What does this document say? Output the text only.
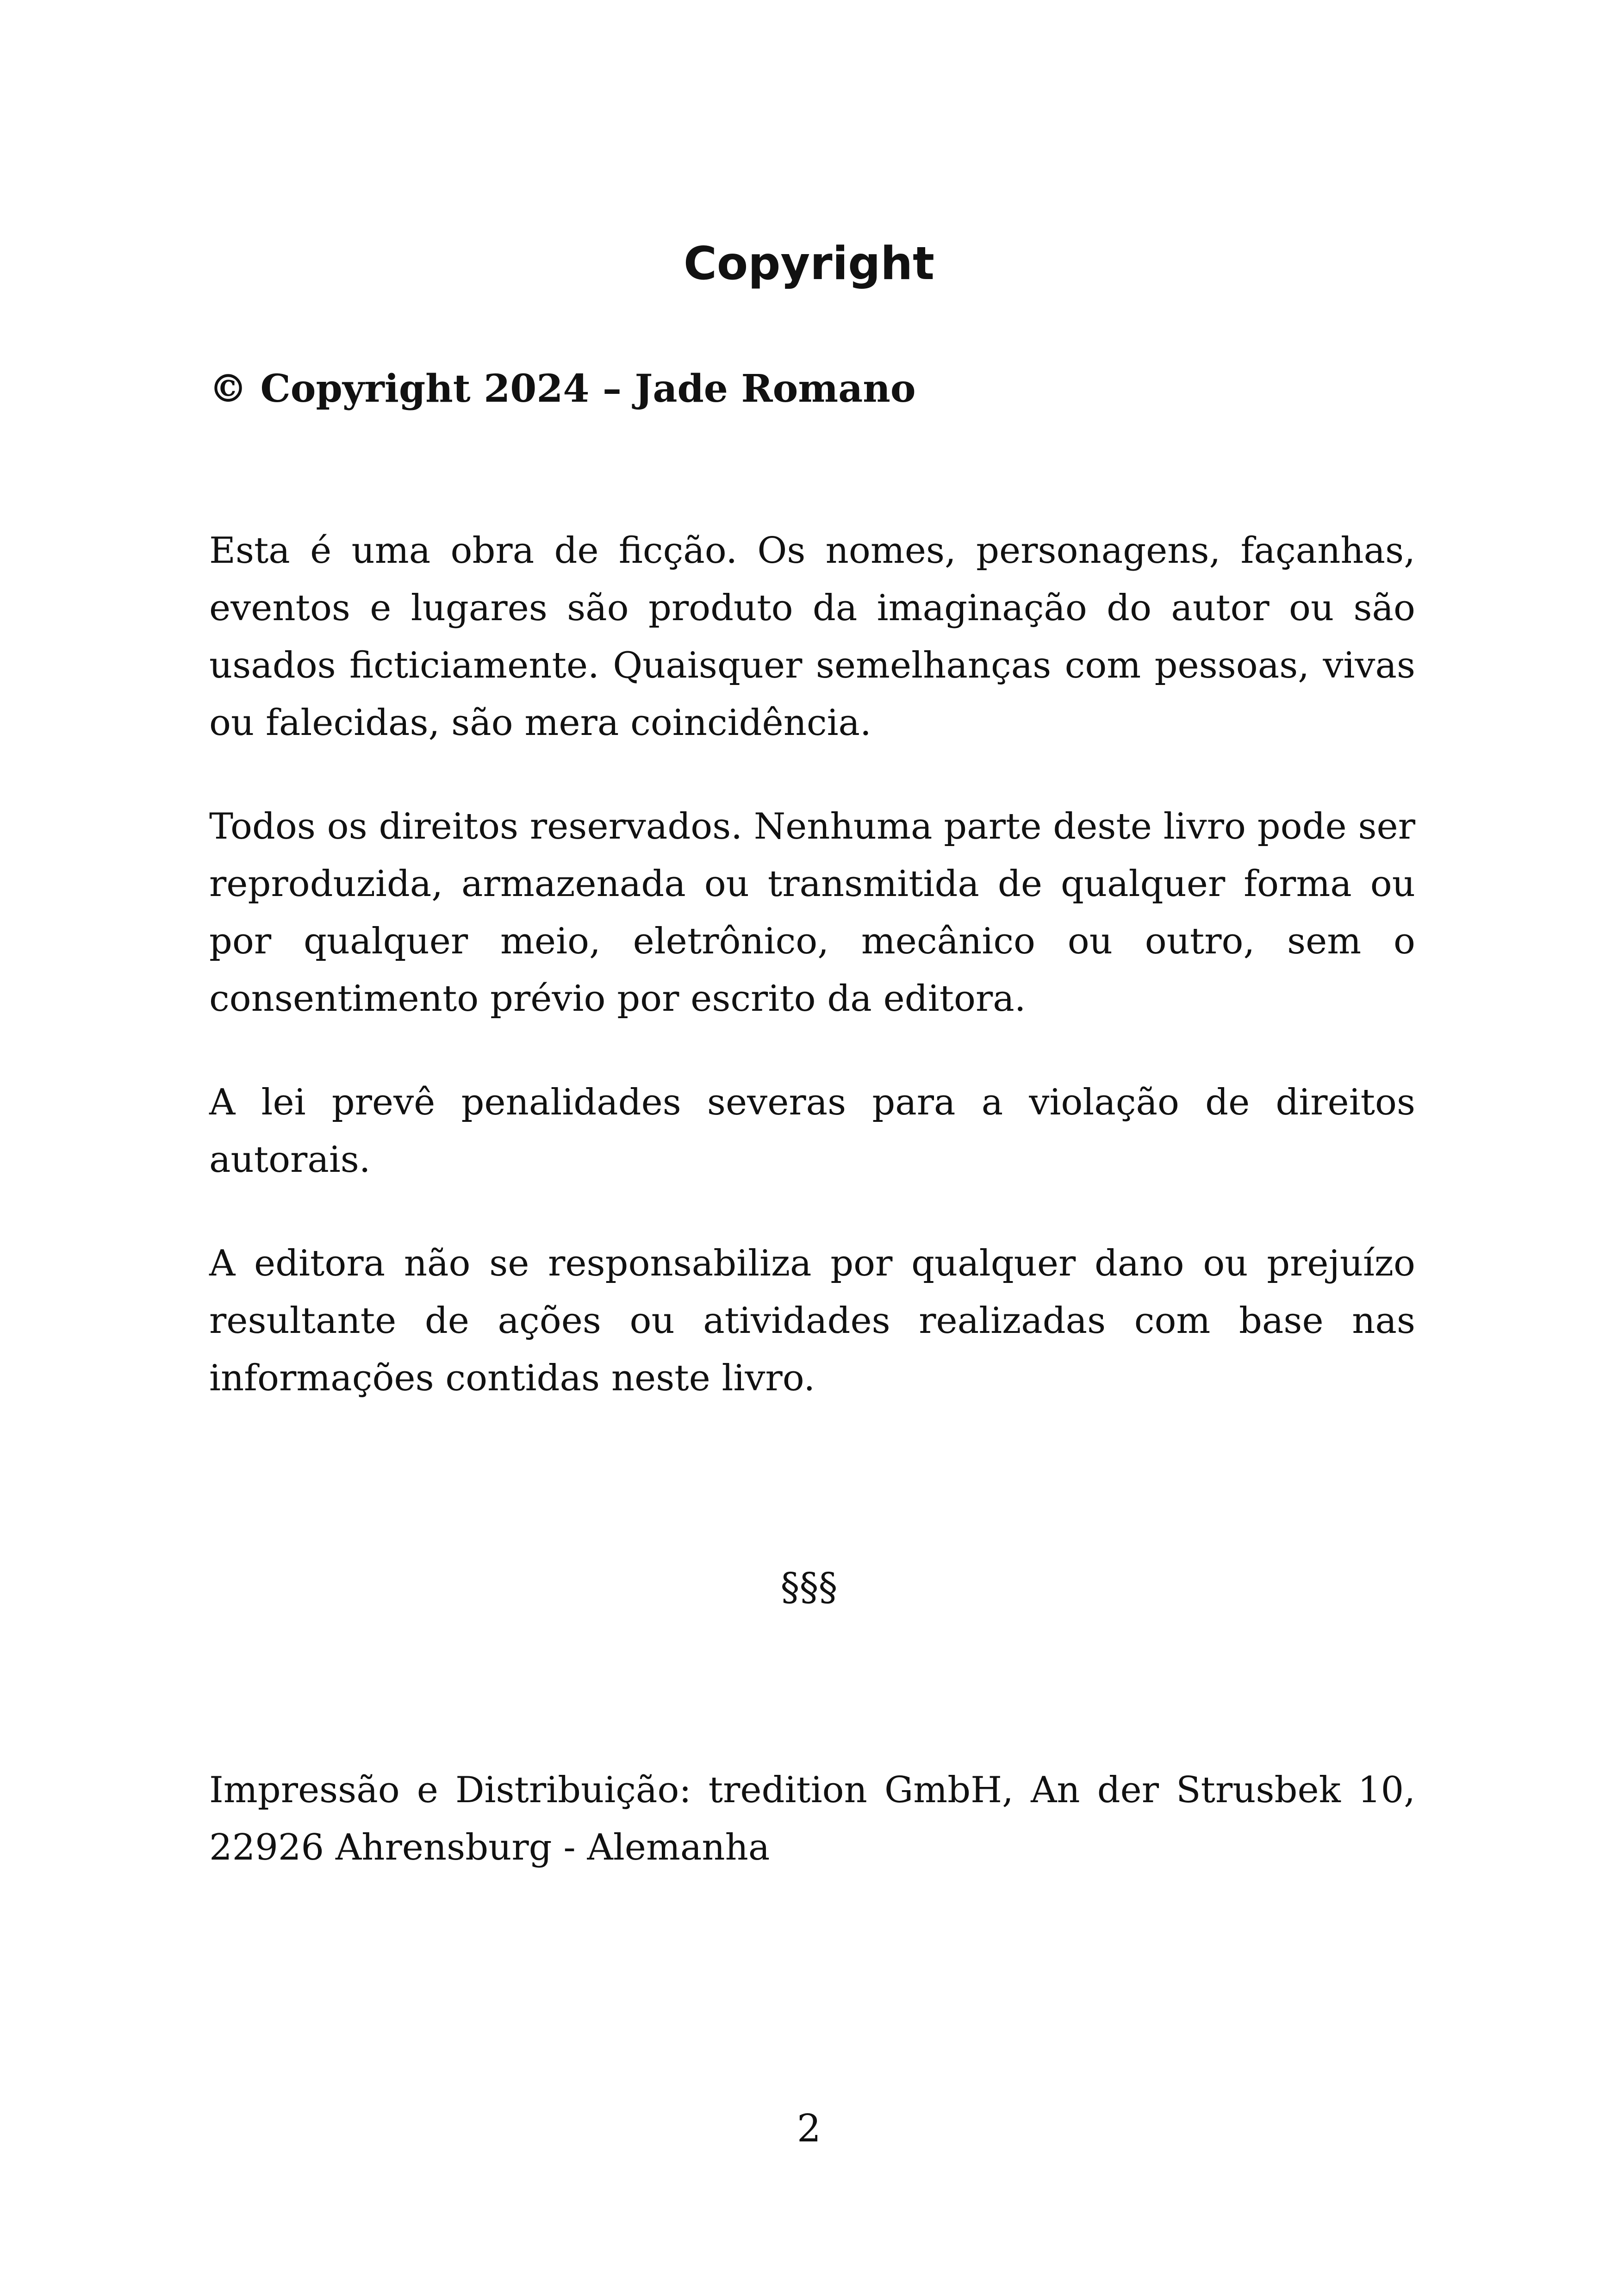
Copyright

© Copyright 2024 – Jade Romano

Esta é uma obra de ficção. Os nomes, personagens, façanhas, eventos e lugares são produto da imaginação do autor ou são usados ficticiamente. Quaisquer semelhanças com pessoas, vivas ou falecidas, são mera coincidência.

Todos os direitos reservados. Nenhuma parte deste livro pode ser reproduzida, armazenada ou transmitida de qualquer forma ou por qualquer meio, eletrônico, mecânico ou outro, sem o consentimento prévio por escrito da editora.

A lei prevê penalidades severas para a violação de direitos autorais.

A editora não se responsabiliza por qualquer dano ou prejuízo resultante de ações ou atividades realizadas com base nas informações contidas neste livro.

§§§

Impressão e Distribuição: tredition GmbH, An der Strusbek 10, 22926 Ahrensburg - Alemanha

2
